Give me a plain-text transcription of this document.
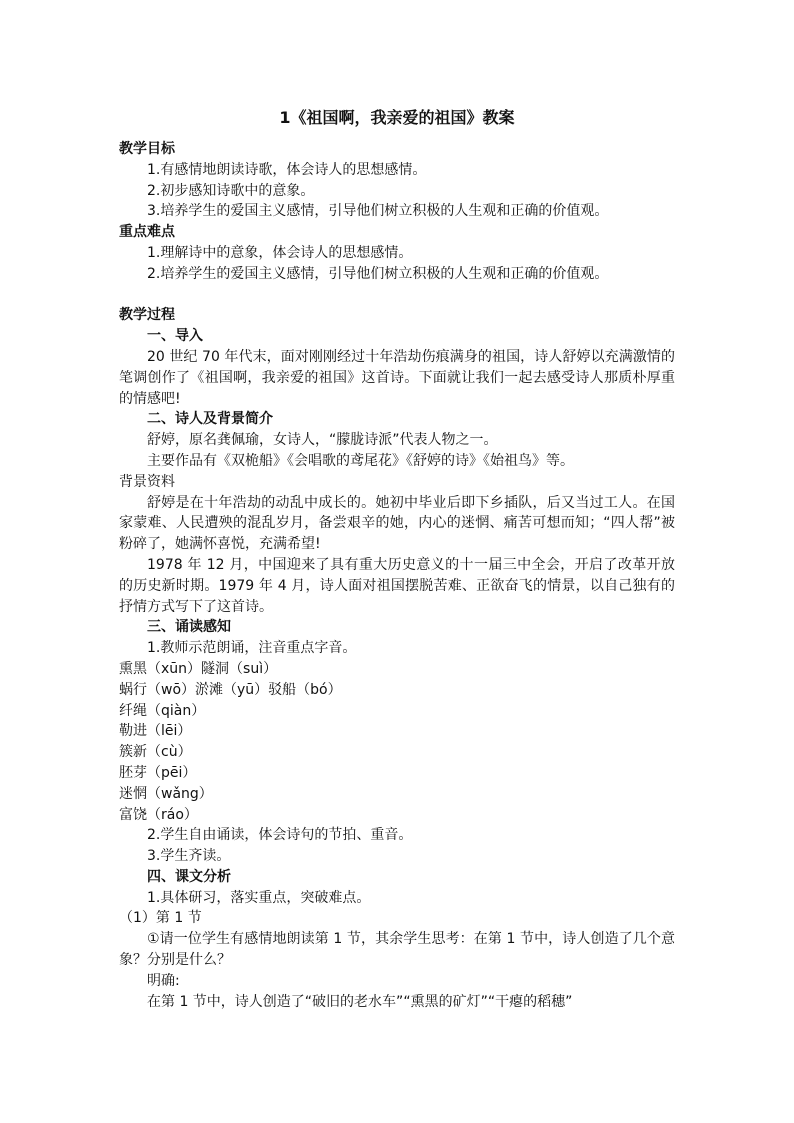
1《祖国啊，我亲爱的祖国》教案
教学目标
1.有感情地朗读诗歌，体会诗人的思想感情。
2.初步感知诗歌中的意象。
3.培养学生的爱国主义感情，引导他们树立积极的人生观和正确的价值观。
重点难点
1.理解诗中的意象，体会诗人的思想感情。
2.培养学生的爱国主义感情，引导他们树立积极的人生观和正确的价值观。
教学过程
一、导入
20 世纪 70 年代末，面对刚刚经过十年浩劫伤痕满身的祖国，诗人舒婷以充满激情的笔调创作了《祖国啊，我亲爱的祖国》这首诗。下面就让我们一起去感受诗人那质朴厚重的情感吧!
二、诗人及背景简介
舒婷，原名龚佩瑜，女诗人，“朦胧诗派”代表人物之一。
主要作品有《双桅船》《会唱歌的鸢尾花》《舒婷的诗》《始祖鸟》等。
背景资料
舒婷是在十年浩劫的动乱中成长的。她初中毕业后即下乡插队，后又当过工人。在国家蒙难、人民遭殃的混乱岁月，备尝艰辛的她，内心的迷惘、痛苦可想而知；“四人帮”被粉碎了，她满怀喜悦，充满希望!
1978 年 12 月，中国迎来了具有重大历史意义的十一届三中全会，开启了改革开放的历史新时期。1979 年 4 月，诗人面对祖国摆脱苦难、正欲奋飞的情景，以自己独有的抒情方式写下了这首诗。
三、诵读感知
1.教师示范朗诵，注音重点字音。
熏黑（xūn）隧洞（suì）
蜗行（wō）淤滩（yū）驳船（bó）
纤绳（qiàn）
勒进（lēi）
簇新（cù）
胚芽（pēi）
迷惘（wǎng）
富饶（ráo）
2.学生自由诵读，体会诗句的节拍、重音。
3.学生齐读。
四、课文分析
1.具体研习，落实重点，突破难点。
（1）第 1 节
①请一位学生有感情地朗读第 1 节，其余学生思考：在第 1 节中，诗人创造了几个意象？分别是什么？
明确:
在第 1 节中，诗人创造了“破旧的老水车”“熏黑的矿灯”“干瘪的稻穗”
